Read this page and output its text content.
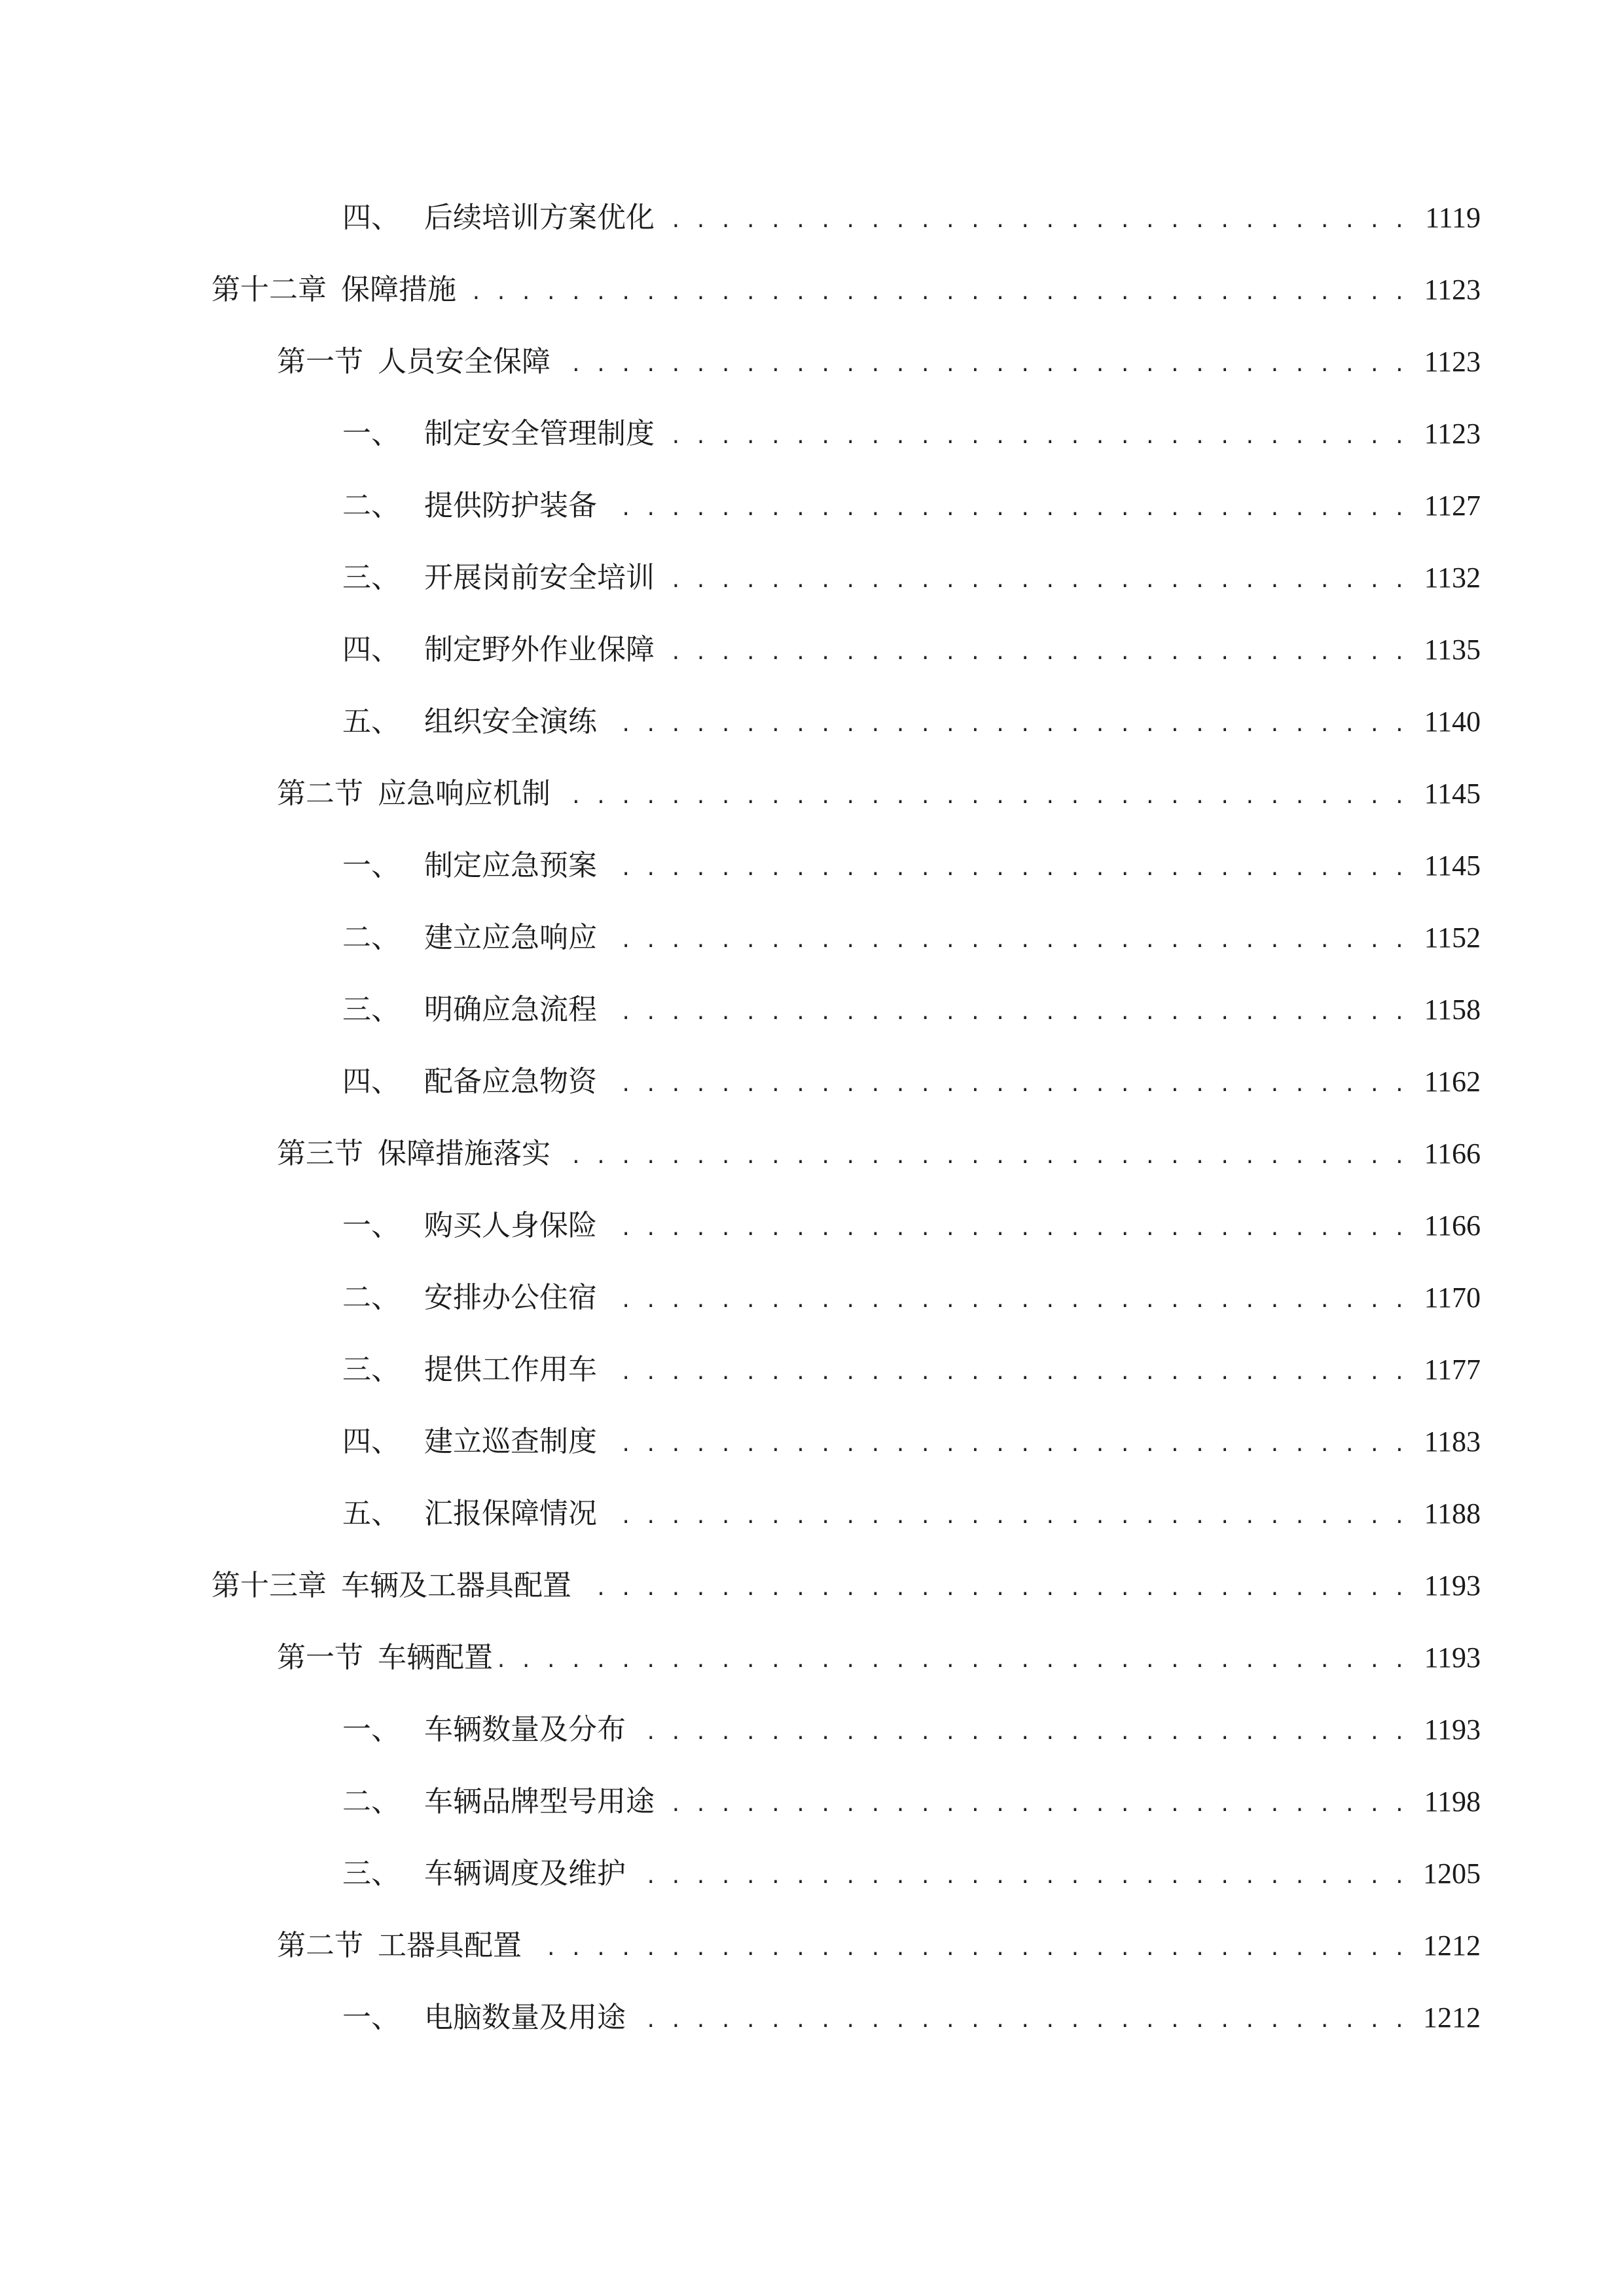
四、 后续培训方案优化 . . .	1119
第十二章 保障措施 . . .	1123
第一节 人员安全保障 . . .	1123
一、 制定安全管理制度 . . .	1123
二、 提供防护装备 . . .	1127
三、 开展岗前安全培训 . . .	1132
四、 制定野外作业保障 . . .	1135
五、 组织安全演练 . . .	1140
第二节 应急响应机制 . . .	1145
一、 制定应急预案 . . .	1145
二、 建立应急响应 . . .	1152
三、 明确应急流程 . . .	1158
四、 配备应急物资 . . .	1162
第三节 保障措施落实 . . .	1166
一、 购买人身保险 . . .	1166
二、 安排办公住宿 . . .	1170
三、 提供工作用车 . . .	1177
四、 建立巡查制度 . . .	1183
五、 汇报保障情况 . . .	1188
第十三章 车辆及工器具配置 . . .	1193
第一节 车辆配置 . . .	1193
一、 车辆数量及分布 . . .	1193
二、 车辆品牌型号用途 . . .	1198
三、 车辆调度及维护 . . .	1205
第二节 工器具配置 . . .	1212
一、 电脑数量及用途 . . .	1212
